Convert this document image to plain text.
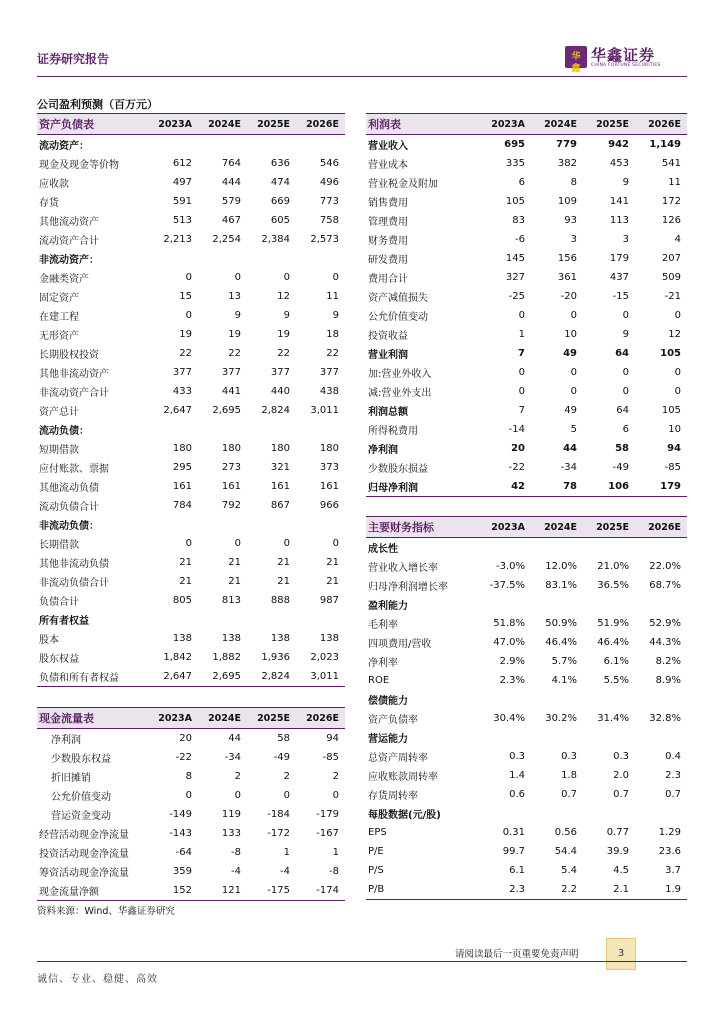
证券研究报告	华鑫
华鑫证券
CHINA FORTUNE SECURITIES
公司盈利预测（百万元）
资产负债表	2023A	2024E	2025E	2026E
流动资产：				
现金及现金等价物	612	764	636	546
应收款	497	444	474	496
存货	591	579	669	773
其他流动资产	513	467	605	758
流动资产合计	2,213	2,254	2,384	2,573
非流动资产：				
金融类资产	0	0	0	0
固定资产	15	13	12	11
在建工程	0	9	9	9
无形资产	19	19	19	18
长期股权投资	22	22	22	22
其他非流动资产	377	377	377	377
非流动资产合计	433	441	440	438
资产总计	2,647	2,695	2,824	3,011
流动负债：				
短期借款	180	180	180	180
应付账款、票据	295	273	321	373
其他流动负债	161	161	161	161
流动负债合计	784	792	867	966
非流动负债：				
长期借款	0	0	0	0
其他非流动负债	21	21	21	21
非流动负债合计	21	21	21	21
负债合计	805	813	888	987
所有者权益				
股本	138	138	138	138
股东权益	1,842	1,882	1,936	2,023
负债和所有者权益	2,647	2,695	2,824	3,011
现金流量表	2023A	2024E	2025E	2026E
净利润	20	44	58	94
少数股东权益	-22	-34	-49	-85
折旧摊销	8	2	2	2
公允价值变动	0	0	0	0
营运资金变动	-149	119	-184	-179
经营活动现金净流量	-143	133	-172	-167
投资活动现金净流量	-64	-8	1	1
筹资活动现金净流量	359	-4	-4	-8
现金流量净额	152	121	-175	-174
利润表	2023A	2024E	2025E	2026E
营业收入	695	779	942	1,149
营业成本	335	382	453	541
营业税金及附加	6	8	9	11
销售费用	105	109	141	172
管理费用	83	93	113	126
财务费用	-6	3	3	4
研发费用	145	156	179	207
费用合计	327	361	437	509
资产减值损失	-25	-20	-15	-21
公允价值变动	0	0	0	0
投资收益	1	10	9	12
营业利润	7	49	64	105
加:营业外收入	0	0	0	0
减:营业外支出	0	0	0	0
利润总额	7	49	64	105
所得税费用	-14	5	6	10
净利润	20	44	58	94
少数股东损益	-22	-34	-49	-85
归母净利润	42	78	106	179
主要财务指标	2023A	2024E	2025E	2026E
成长性				
营业收入增长率	-3.0%	12.0%	21.0%	22.0%
归母净利润增长率	-37.5%	83.1%	36.5%	68.7%
盈利能力				
毛利率	51.8%	50.9%	51.9%	52.9%
四项费用/营收	47.0%	46.4%	46.4%	44.3%
净利率	2.9%	5.7%	6.1%	8.2%
ROE	2.3%	4.1%	5.5%	8.9%
偿债能力				
资产负债率	30.4%	30.2%	31.4%	32.8%
营运能力				
总资产周转率	0.3	0.3	0.3	0.4
应收账款周转率	1.4	1.8	2.0	2.3
存货周转率	0.6	0.7	0.7	0.7
每股数据(元/股)				
EPS	0.31	0.56	0.77	1.29
P/E	99.7	54.4	39.9	23.6
P/S	6.1	5.4	4.5	3.7
P/B	2.3	2.2	2.1	1.9
资料来源：Wind、华鑫证券研究
请阅读最后一页重要免责声明	3
诚信、专业、稳健、高效
